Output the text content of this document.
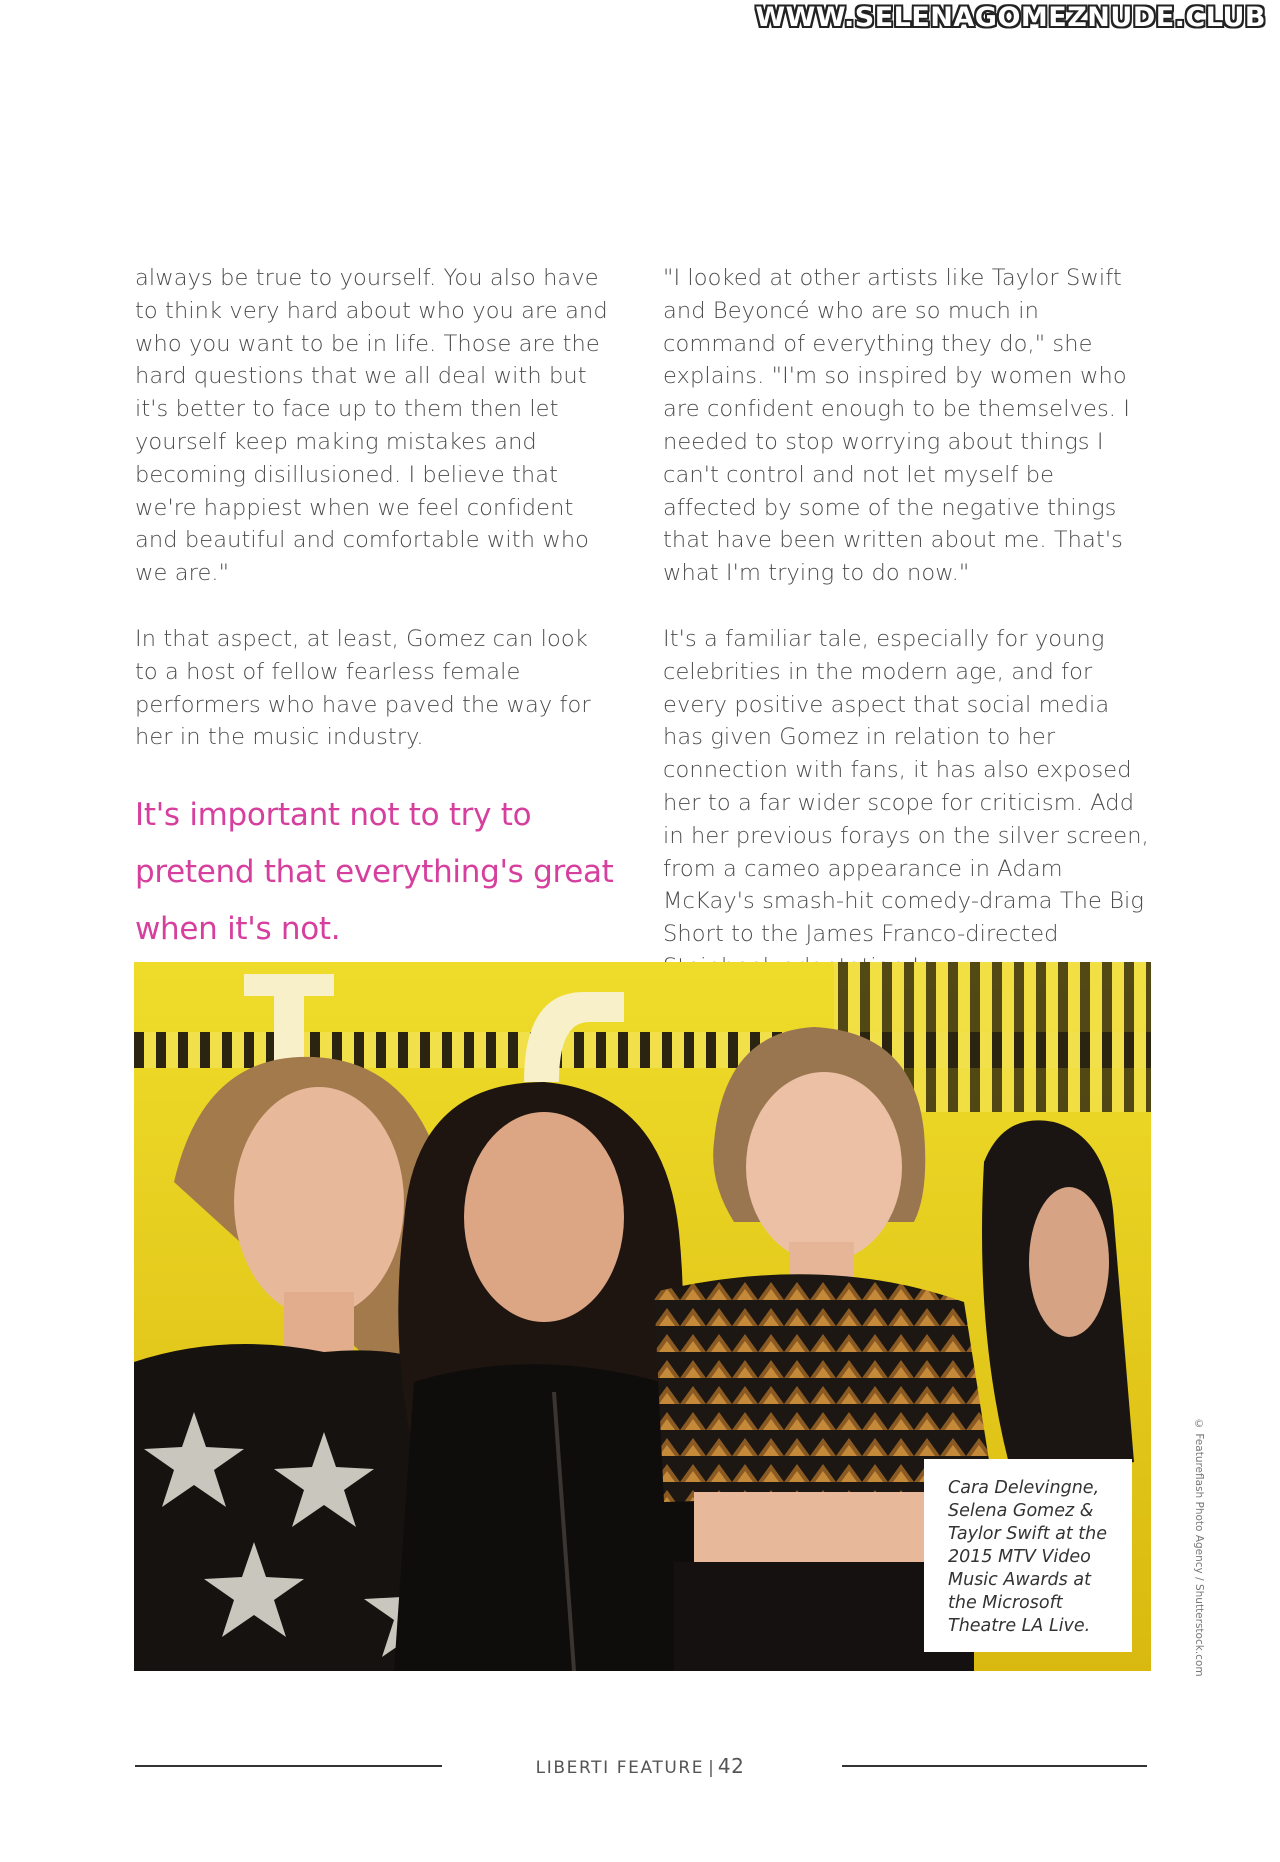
WWW.SELENAGOMEZNUDE.CLUB

always be true to yourself. You also have to think very hard about who you are and who you want to be in life. Those are the hard questions that we all deal with but it's better to face up to them then let yourself keep making mistakes and becoming disillusioned. I believe that we're happiest when we feel confident and beautiful and comfortable with who we are."

In that aspect, at least, Gomez can look to a host of fellow fearless female performers who have paved the way for her in the music industry.

It's important not to try to pretend that everything's great when it's not.

"I looked at other artists like Taylor Swift and Beyoncé who are so much in command of everything they do," she explains. "I'm so inspired by women who are confident enough to be themselves. I needed to stop worrying about things I can't control and not let myself be affected by some of the negative things that have been written about me. That's what I'm trying to do now."

It's a familiar tale, especially for young celebrities in the modern age, and for every positive aspect that social media has given Gomez in relation to her connection with fans, it has also exposed her to a far wider scope for criticism. Add in her previous forays on the silver screen, from a cameo appearance in Adam McKay's smash-hit comedy-drama The Big Short to the James Franco-directed

Cara Delevingne, Selena Gomez & Taylor Swift at the 2015 MTV Video Music Awards at the Microsoft Theatre LA Live.	© Featureflash Photo Agency / Shutterstock.com
LIBERTI FEATURE | 42
